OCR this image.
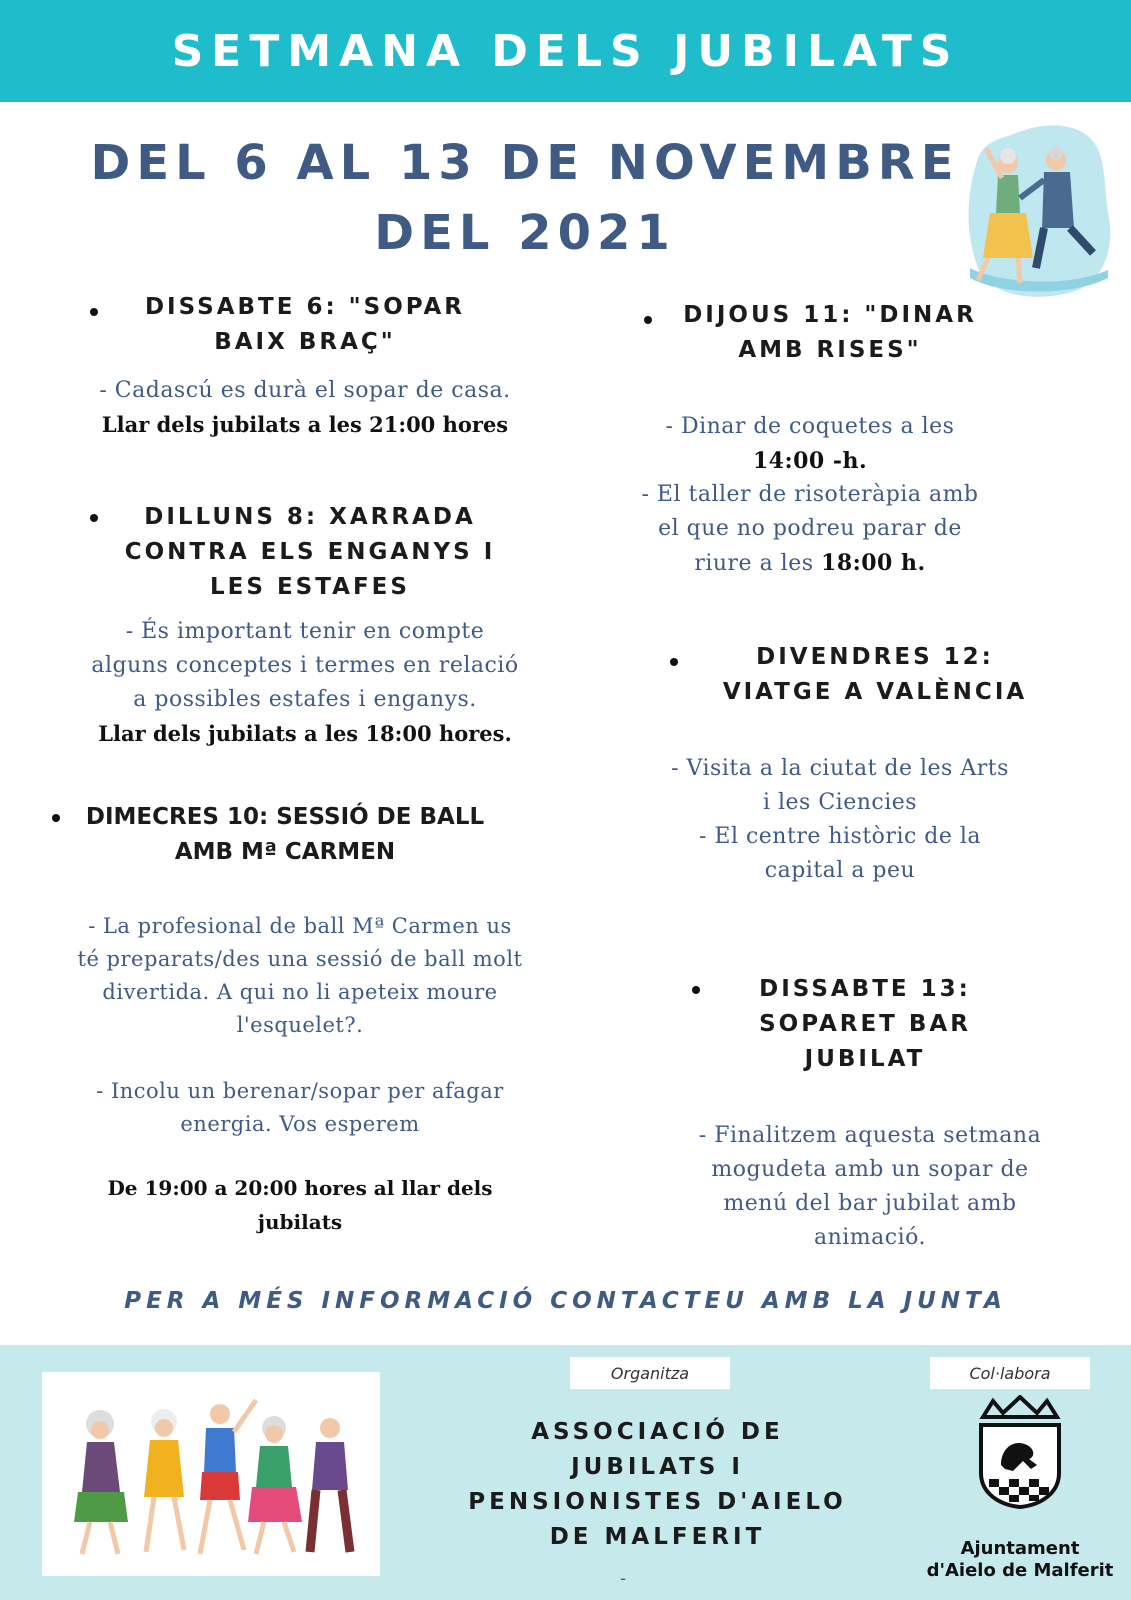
SETMANA DELS JUBILATS
DEL 6 AL 13 DE NOVEMBRE
DEL 2021
DISSABTE 6: "SOPAR
BAIX BRAÇ"
- Cadascú es durà el sopar de casa.
Llar dels jubilats a les 21:00 hores
DILLUNS 8: XARRADA
CONTRA ELS ENGANYS I
LES ESTAFES
- És important tenir en compte
alguns conceptes i termes en relació
a possibles estafes i enganys.
Llar dels jubilats a les 18:00 hores.
DIMECRES 10: SESSIÓ DE BALL
AMB Mª CARMEN
- La profesional de ball Mª Carmen us
té preparats/des una sessió de ball molt
divertida. A qui no li apeteix moure
l'esquelet?.
- Incolu un berenar/sopar per afagar
energia. Vos esperem
De 19:00 a 20:00 hores al llar dels
jubilats
DIJOUS 11: "DINAR
AMB RISES"
- Dinar de coquetes a les
14:00 -h.
- El taller de risoteràpia amb
el que no podreu parar de
riure a les 18:00 h.
DIVENDRES 12:
VIATGE A VALÈNCIA
- Visita a la ciutat de les Arts
i les Ciencies
- El centre històric de la
capital a peu
DISSABTE 13:
SOPARET BAR
JUBILAT
- Finalitzem aquesta setmana
mogudeta amb un sopar de
menú del bar jubilat amb
animació.
PER A MÉS INFORMACIÓ CONTACTEU AMB LA JUNTA
Organitza	Col·labora
ASSOCIACIÓ DE
JUBILATS I
PENSIONISTES D'AIELO
DE MALFERIT
-
Ajuntament
d'Aielo de Malferit
